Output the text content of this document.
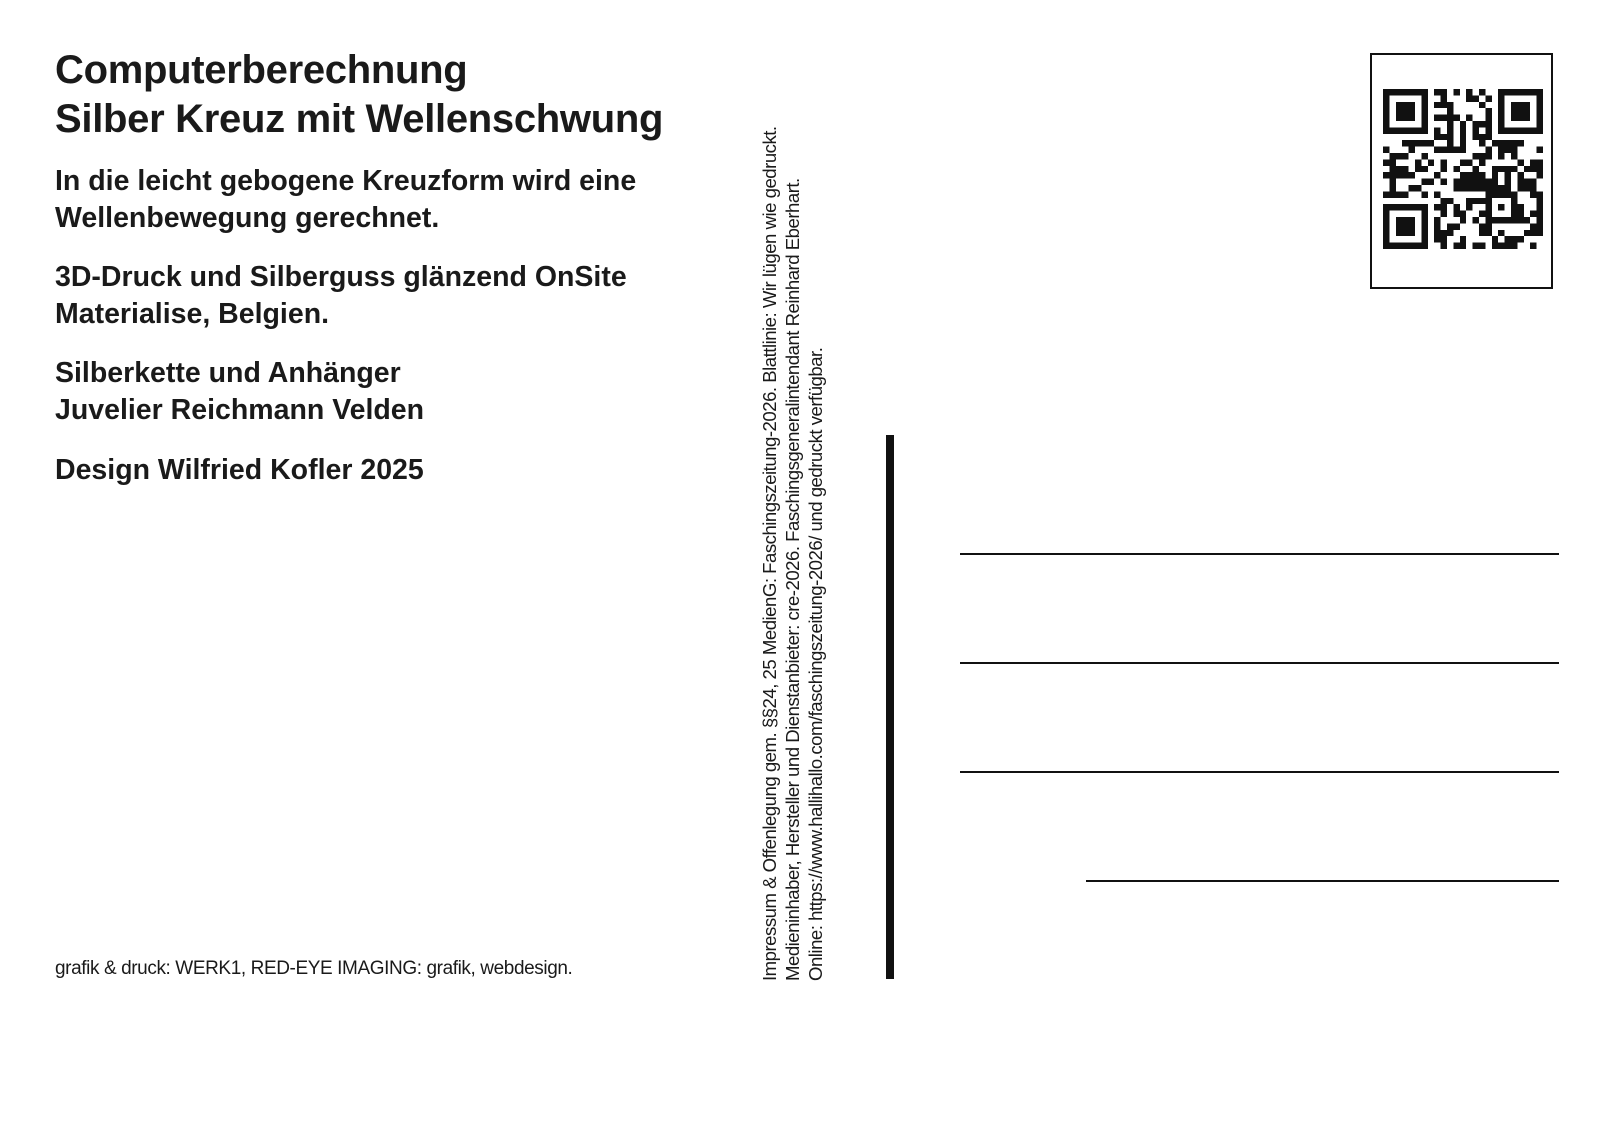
Computerberechnung
Silber Kreuz mit Wellenschwung

In die leicht gebogene Kreuzform wird eine
Wellenbewegung gerechnet.

3D-Druck und Silberguss glänzend OnSite
Materialise, Belgien.

Silberkette und Anhänger
Juvelier Reichmann Velden

Design Wilfried Kofler 2025

grafik & druck: WERK1, RED-EYE IMAGING: grafik, webdesign.	Impressum & Offenlegung gem. §§24, 25 MedienG: Faschingszeitung-2026. Blattlinie: Wir lügen wie gedruckt. Medieninhaber, Hersteller und Dienstanbieter: cre-2026. Faschingsgeneralintendant Reinhard Eberhart. Online: https://www.hallihallo.com/faschingszeitung-2026/ und gedruckt verfügbar.
